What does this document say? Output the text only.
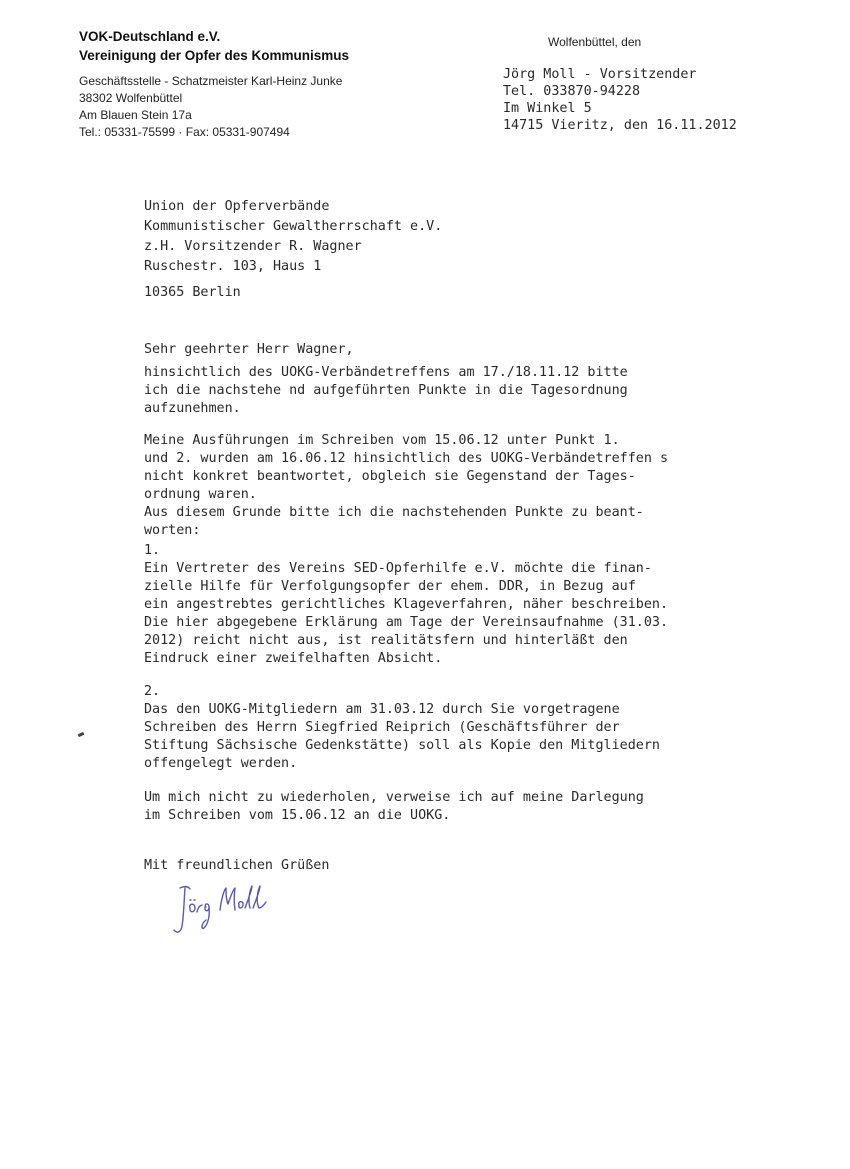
VOK-Deutschland e.V.

Vereinigung der Opfer des Kommunismus

Geschäftsstelle - Schatzmeister Karl-Heinz Junke

38302 Wolfenbüttel

Am Blauen Stein 17a

Tel.: 05331-75599 · Fax: 05331-907494

Wolfenbüttel, den

Jörg Moll - Vorsitzender

Tel. 033870-94228

Im Winkel 5

14715 Vieritz, den 16.11.2012

Union der Opferverbände

Kommunistischer Gewaltherrschaft e.V.

z.H. Vorsitzender R. Wagner

Ruschestr. 103, Haus 1

10365 Berlin

Sehr geehrter Herr Wagner,

hinsichtlich des UOKG-Verbändetreffens am 17./18.11.12 bitte

ich die nachstehe nd aufgeführten Punkte in die Tagesordnung

aufzunehmen.

Meine Ausführungen im Schreiben vom 15.06.12 unter Punkt 1.

und 2. wurden am 16.06.12 hinsichtlich des UOKG-Verbändetreffen s

nicht konkret beantwortet, obgleich sie Gegenstand der Tages-

ordnung waren.

Aus diesem Grunde bitte ich die nachstehenden Punkte zu beant-

worten:

1.

Ein Vertreter des Vereins SED-Opferhilfe e.V. möchte die finan-

zielle Hilfe für Verfolgungsopfer der ehem. DDR, in Bezug auf

ein angestrebtes gerichtliches Klageverfahren, näher beschreiben.

Die hier abgegebene Erklärung am Tage der Vereinsaufnahme (31.03.

2012) reicht nicht aus, ist realitätsfern und hinterläßt den

Eindruck einer zweifelhaften Absicht.

2.

Das den UOKG-Mitgliedern am 31.03.12 durch Sie vorgetragene

Schreiben des Herrn Siegfried Reiprich (Geschäftsführer der

Stiftung Sächsische Gedenkstätte) soll als Kopie den Mitgliedern

offengelegt werden.

Um mich nicht zu wiederholen, verweise ich auf meine Darlegung

im Schreiben vom 15.06.12 an die UOKG.

Mit freundlichen Grüßen
